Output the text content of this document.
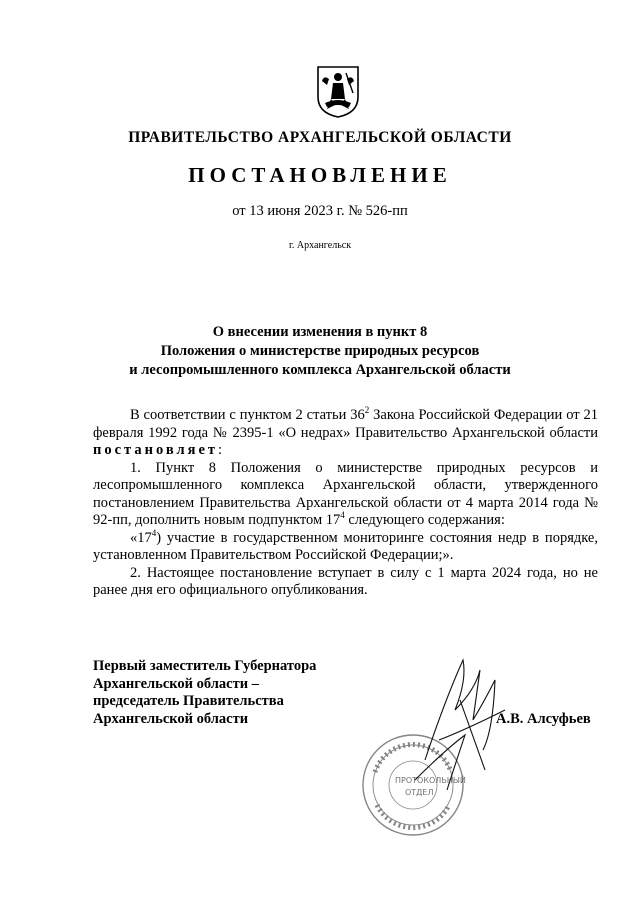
ПРАВИТЕЛЬСТВО АРХАНГЕЛЬСКОЙ ОБЛАСТИ
ПОСТАНОВЛЕНИЕ
от 13 июня 2023 г. № 526-пп
г. Архангельск
О внесении изменения в пункт 8
Положения о министерстве природных ресурсов
и лесопромышленного комплекса Архангельской области

В соответствии с пунктом 2 статьи $36^2$ Закона Российской Федерации от 21 февраля 1992 года № 2395-1 «О недрах» Правительство Архангельской области постановляет:

1. Пункт 8 Положения о министерстве природных ресурсов и лесопромышленного комплекса Архангельской области, утвержденного постановлением Правительства Архангельской области от 4 марта 2014 года № 92-пп, дополнить новым подпунктом $17^4$ следующего содержания:

«$17^4$) участие в государственном мониторинге состояния недр в порядке, установленном Правительством Российской Федерации;».

2. Настоящее постановление вступает в силу с 1 марта 2024 года, но не ранее дня его официального опубликования.

Первый заместитель Губернатора
Архангельской области –
председатель Правительства
Архангельской области
ПРОТОКОЛЬНЫЙ
ОТДЕЛ
А.В. Алсуфьев
